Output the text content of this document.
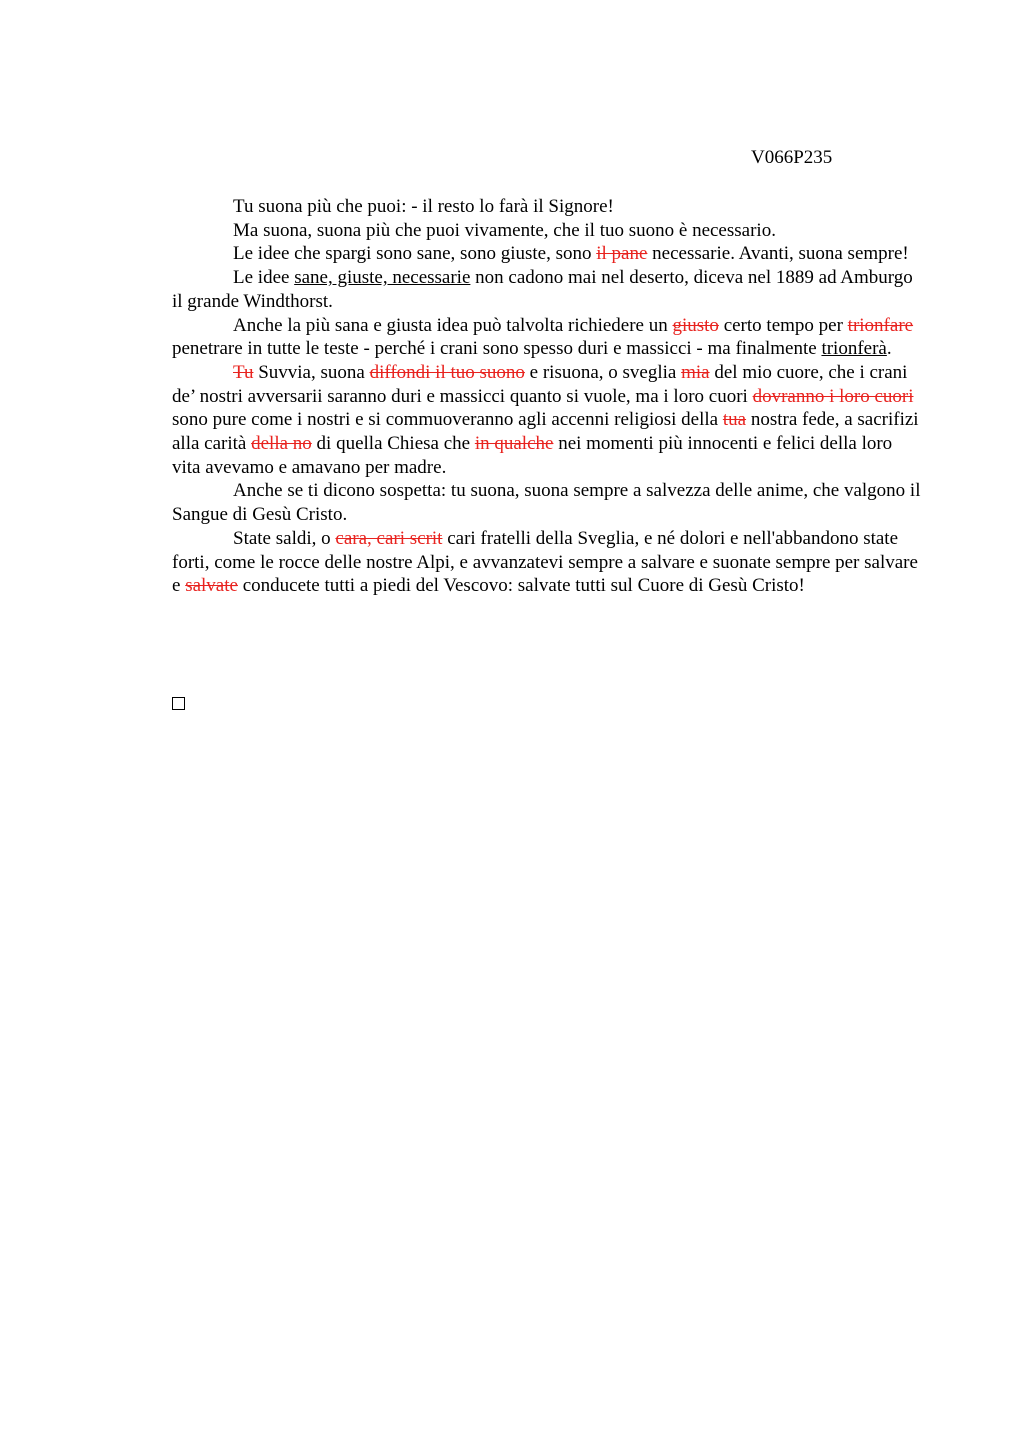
V066P235

Tu suona più che puoi: - il resto lo farà il Signore!

Ma suona, suona più che puoi vivamente, che il tuo suono è necessario.

Le idee che spargi sono sane, sono giuste, sono il pane necessarie. Avanti, suona sempre!

Le idee sane, giuste, necessarie non cadono mai nel deserto, diceva nel 1889 ad Amburgo il grande Windthorst.

Anche la più sana e giusta idea può talvolta richiedere un giusto certo tempo per trionfare penetrare in tutte le teste - perché i crani sono spesso duri e massicci - ma finalmente trionferà.

Tu Suvvia, suona diffondi il tuo suono e risuona, o sveglia mia del mio cuore, che i crani de’ nostri avversarii saranno duri e massicci quanto si vuole, ma i loro cuori dovranno i loro cuori sono pure come i nostri e si commuoveranno agli accenni religiosi della tua nostra fede, a sacrifizi alla carità della no di quella Chiesa che in qualche nei momenti più innocenti e felici della loro vita avevamo e amavano per madre.

Anche se ti dicono sospetta: tu suona, suona sempre a salvezza delle anime, che valgono il Sangue di Gesù Cristo.

State saldi, o cara, cari scrit cari fratelli della Sveglia, e né dolori e nell'abbandono state forti, come le rocce delle nostre Alpi, e avvanzatevi sempre a salvare e suonate sempre per salvare e salvate conducete tutti a piedi del Vescovo: salvate tutti sul Cuore di Gesù Cristo!
